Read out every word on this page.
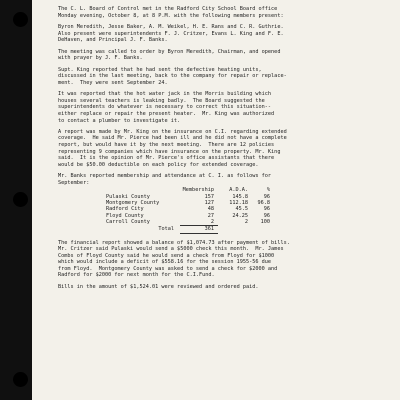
The C. L. Board of Control met in the Radford City School Board office
Monday evening, October 8, at 8 P.M. with the following members present:
Byron Meredith, Jesse Baker, A. M. Weikel, H. E. Rans and C. R. Guthrie.
Also present were superintendents F. J. Critzer, Evans L. King and F. E.
DeHaven, and Principal J. F. Banks.
The meeting was called to order by Byron Meredith, Chairman, and opened
with prayer by J. F. Banks.
Supt. King reported that he had sent the defective heating units,
discussed in the last meeting, back to the company for repair or replace-
ment.  They were sent September 24.
It was reported that the hot water jack in the Morris building which
houses several teachers is leaking badly.  The Board suggested the
superintendents do whatever is necessary to correct this situation--
either replace or repair the present heater.  Mr. King was authorized
to contact a plumber to investigate it.
A report was made by Mr. King on the insurance on C.I. regarding extended
coverage.  He said Mr. Pierce had been ill and he did not have a complete
report, but would have it by the next meeting.  There are 12 policies
representing 9 companies which have insurance on the property. Mr. King
said.  It is the opinion of Mr. Pierce's office assistants that there
would be $50.00 deductible on each policy for extended coverage.
Mr. Banks reported membership and attendance at C. I. as follows for
September:
	Membership	A.D.A.	%
Pulaski County	157	145.8	96
Montgomery County	127	112.18	96.8
Radford City	48	45.5	96
Floyd County	27	24.25	96
Carroll County	2	2	100
Total	361		
The financial report showed a balance of $1,074.73 after payment of bills.
Mr. Critzer said Pulaski would send a $5000 check this month.  Mr. James
Combs of Floyd County said he would send a check from Floyd for $1000
which would include a deficit of $558.16 for the session 1955-56 due
from Floyd.  Montgomery County was asked to send a check for $2000 and
Radford for $2000 for next month for the C.I.Fund.
Bills in the amount of $1,524.01 were reviewed and ordered paid.
